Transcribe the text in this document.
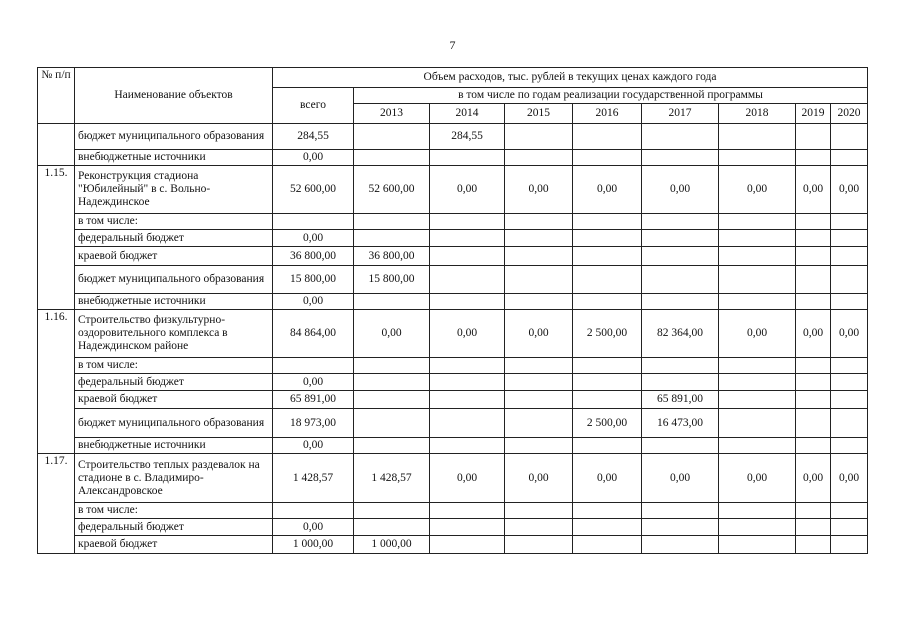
7
№ п/п	Наименование объектов	Объем расходов, тыс. рублей в текущих ценах каждого года								
		всего	в том числе по годам реализации государственной программы							
			2013	2014	2015	2016	2017	2018	2019	2020
	бюджет муниципального образования	284,55		284,55						
	внебюджетные источники	0,00								
1.15.	Реконструкция стадиона "Юбилейный" в с. Вольно-Надеждинское	52 600,00	52 600,00	0,00	0,00	0,00	0,00	0,00	0,00	0,00
	в том числе:									
	федеральный бюджет	0,00								
	краевой бюджет	36 800,00	36 800,00							
	бюджет муниципального образования	15 800,00	15 800,00							
	внебюджетные источники	0,00								
1.16.	Строительство физкультурно-оздоровительного комплекса в Надеждинском районе	84 864,00	0,00	0,00	0,00	2 500,00	82 364,00	0,00	0,00	0,00
	в том числе:									
	федеральный бюджет	0,00								
	краевой бюджет	65 891,00					65 891,00			
	бюджет муниципального образования	18 973,00				2 500,00	16 473,00			
	внебюджетные источники	0,00								
1.17.	Строительство теплых раздевалок на стадионе в с. Владимиро-Александровское	1 428,57	1 428,57	0,00	0,00	0,00	0,00	0,00	0,00	0,00
	в том числе:									
	федеральный бюджет	0,00								
	краевой бюджет	1 000,00	1 000,00							
